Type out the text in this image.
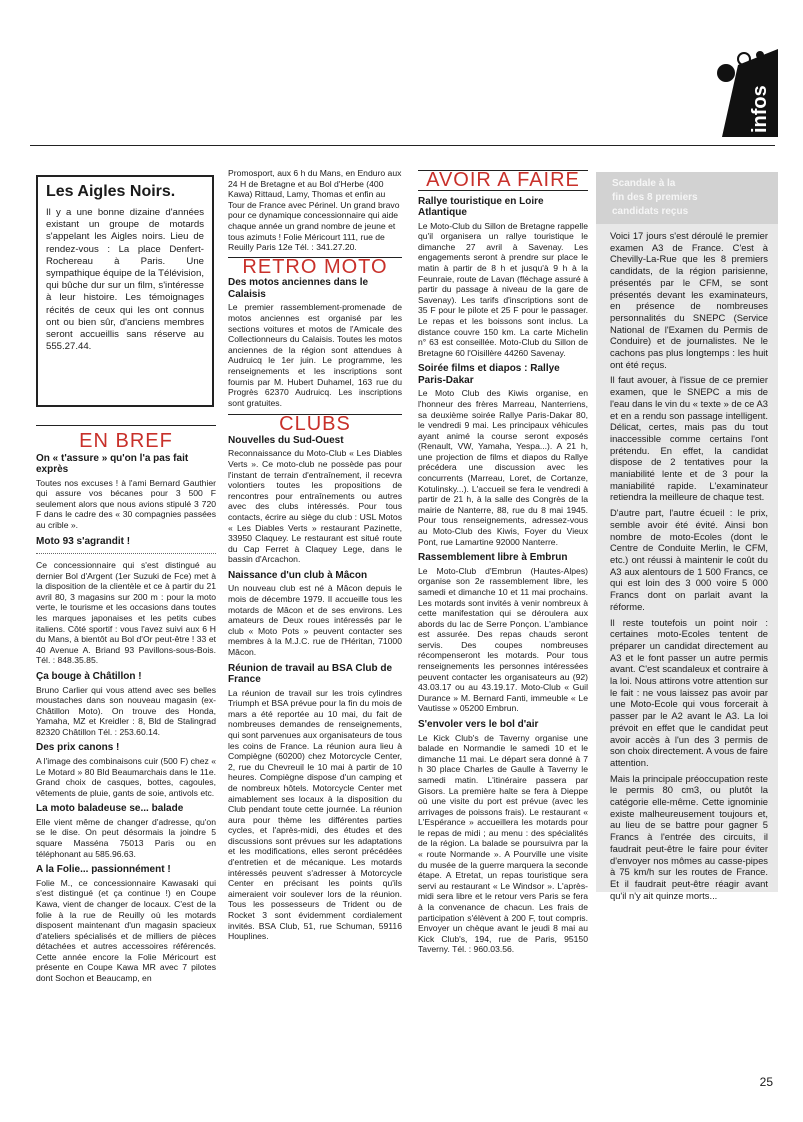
infos
Les Aigles Noirs.

Il y a une bonne dizaine d'années existant un groupe de motards s'appelant les Aigles noirs. Lieu de rendez-vous : La place Denfert-Rochereau à Paris. Une sympathique équipe de la Télévision, qui bûche dur sur un film, s'intéresse à leur histoire. Les témoignages récités de ceux qui les ont connus ont ou bien sûr, d'anciens membres seront accueillis sans réserve au 555.27.44.

EN BREF
On « t'assure » qu'on l'a pas fait exprès

Toutes nos excuses ! à l'ami Bernard Gauthier qui assure vos bécanes pour 3 500 F seulement alors que nous avions stipulé 3 720 F dans le cadre des « 30 compagnies passées au crible ».

Moto 93 s'agrandit !

Ce concessionnaire qui s'est distingué au dernier Bol d'Argent (1er Suzuki de Fce) met à la disposition de la clientèle et ce à partir du 21 avril 80, 3 magasins sur 200 m : pour la moto verte, le tourisme et les occasions dans toutes les marques japonaises et les petits cubes italiens. Côté sportif : vous l'avez suivi aux 6 H du Mans, à bientôt au Bol d'Or peut-être ! 33 et 40 Avenue A. Briand 93 Pavillons-sous-Bois. Tél. : 848.35.85.

Ça bouge à Châtillon !

Bruno Carlier qui vous attend avec ses belles moustaches dans son nouveau magasin (ex-Châtillon Moto). On trouve des Honda, Yamaha, MZ et Kreidler : 8, Bld de Stalingrad 82320 Châtillon Tél. : 253.60.14.

Des prix canons !

A l'image des combinaisons cuir (500 F) chez « Le Motard » 80 Bld Beaumarchais dans le 11e. Grand choix de casques, bottes, cagoules, vêtements de pluie, gants de soie, antivols etc.

La moto baladeuse se... balade

Elle vient même de changer d'adresse, qu'on se le dise. On peut désormais la joindre 5 square Masséna 75013 Paris ou en téléphonant au 585.96.63.

A la Folie... passionnément !

Folie M., ce concessionnaire Kawasaki qui s'est distingué (et ça continue !) en Coupe Kawa, vient de changer de locaux. C'est de la folie à la rue de Reuilly où les motards disposent maintenant d'un magasin spacieux d'ateliers spécialisés et de milliers de pièces détachées et autres accessoires référencés. Cette année encore la Folie Méricourt est présente en Coupe Kawa MR avec 7 pilotes dont Sochon et Beaucamp, en

Promosport, aux 6 h du Mans, en Enduro aux 24 H de Bretagne et au Bol d'Herbe (400 Kawa) Rittaud, Lamy, Thomas et enfin au Tour de France avec Périnel. Un grand bravo pour ce dynamique concessionnaire qui aide chaque année un grand nombre de jeune et tous azimuts ! Folie Méricourt 111, rue de Reuilly Paris 12e Tél. : 341.27.20.

RETRO MOTO
Des motos anciennes dans le Calaisis

Le premier rassemblement-promenade de motos anciennes est organisé par les sections voitures et motos de l'Amicale des Collectionneurs du Calaisis. Toutes les motos anciennes de la région sont attendues à Audruicq le 1er juin. Le programme, les renseignements et les inscriptions sont fournis par M. Hubert Duhamel, 163 rue du Progrès 62370 Audruicq. Les inscriptions sont gratuites.

CLUBS
Nouvelles du Sud-Ouest

Reconnaissance du Moto-Club « Les Diables Verts ». Ce moto-club ne possède pas pour l'instant de terrain d'entraînement, il recevra volontiers toutes les propositions de rencontres pour entraînements ou autres avec des clubs intéressés. Pour tous contacts, écrire au siège du club : USL Motos « Les Diables Verts » restaurant Pazinette, 33950 Claquey. Le restaurant est situé route du Cap Ferret à Claquey Lege, dans le bassin d'Arcachon.

Naissance d'un club à Mâcon

Un nouveau club est né à Mâcon depuis le mois de décembre 1979. Il accueille tous les motards de Mâcon et de ses environs. Les amateurs de Deux roues intéressés par le club « Moto Pots » peuvent contacter ses membres à la M.J.C. rue de l'Héritan, 71000 Mâcon.

Réunion de travail au BSA Club de France

La réunion de travail sur les trois cylindres Triumph et BSA prévue pour la fin du mois de mars a été reportée au 10 mai, du fait de nombreuses demandes de renseignements, qui sont parvenues aux organisateurs de tous les coins de France. La réunion aura lieu à Compiègne (60200) chez Motorcycle Center, 2, rue du Chevreuil le 10 mai à partir de 10 heures. Compiègne dispose d'un camping et de nombreux hôtels. Motorcycle Center met aimablement ses locaux à la disposition du Club pendant toute cette journée. La réunion aura pour thème les différentes parties cycles, et l'après-midi, des études et des discussions sont prévues sur les adaptations et les modifications, elles seront précédées d'entretien et de mécanique. Les motards intéressés peuvent s'adresser à Motorcycle Center en précisant les points qu'ils aimeraient voir soulever lors de la réunion. Tous les possesseurs de Trident ou de Rocket 3 sont évidemment cordialement invités. BSA Club, 51, rue Schuman, 59116 Houplines.

AVOIR A FAIRE
Rallye touristique en Loire Atlantique

Le Moto-Club du Sillon de Bretagne rappelle qu'il organisera un rallye touristique le dimanche 27 avril à Savenay. Les engagements seront à prendre sur place le matin à partir de 8 h et jusqu'à 9 h à la Feunraie, route de Lavan (fléchage assuré à partir du passage à niveau de la gare de Savenay). Les tarifs d'inscriptions sont de 35 F pour le pilote et 25 F pour le passager. Le repas et les boissons sont inclus. La distance couvre 150 km. La carte Michelin n° 63 est conseillée. Moto-Club du Sillon de Bretagne 60 l'Oisillère 44260 Savenay.

Soirée films et diapos : Rallye Paris-Dakar

Le Moto Club des Kiwis organise, en l'honneur des frères Marreau, Nanterriens, sa deuxième soirée Rallye Paris-Dakar 80, le vendredi 9 mai. Les principaux véhicules ayant animé la course seront exposés (Renault, VW, Yamaha, Yespa...). A 21 h, une projection de films et diapos du Rallye précédera une discussion avec les concurrents (Marreau, Loret, de Cortanze, Kotulinsky...). L'accueil se fera le vendredi à partir de 21 h, à la salle des Congrès de la mairie de Nanterre, 88, rue du 8 mai 1945. Pour tous renseignements, adressez-vous au Moto-Club des Kiwis, Foyer du Vieux Pont, rue Lamartine 92000 Nanterre.

Rassemblement libre à Embrun

Le Moto-Club d'Embrun (Hautes-Alpes) organise son 2e rassemblement libre, les samedi et dimanche 10 et 11 mai prochains. Les motards sont invités à venir nombreux à cette manifestation qui se déroulera aux abords du lac de Serre Ponçon. L'ambiance est assurée. Des repas chauds seront servis. Des coupes nombreuses récompenseront les motards. Pour tous renseignements les personnes intéressées peuvent contacter les organisateurs au (92) 43.03.17 ou au 43.19.17. Moto-Club « Guil Durance » M. Bernard Fanti, immeuble « Le Vautisse » 05200 Embrun.

S'envoler vers le bol d'air

Le Kick Club's de Taverny organise une balade en Normandie le samedi 10 et le dimanche 11 mai. Le départ sera donné à 7 h 30 place Charles de Gaulle à Taverny le samedi matin. L'itinéraire passera par Gisors. La première halte se fera à Dieppe où une visite du port est prévue (avec les arrivages de poissons frais). Le restaurant « L'Espérance » accueillera les motards pour le repas de midi ; au menu : des spécialités de la région. La balade se poursuivra par la « route Normande ». A Pourville une visite du musée de la guerre marquera la seconde étape. A Etretat, un repas touristique sera servi au restaurant « Le Windsor ». L'après-midi sera libre et le retour vers Paris se fera à la convenance de chacun. Les frais de participation s'élèvent à 200 F, tout compris. Envoyer un chèque avant le jeudi 8 mai au Kick Club's, 194, rue de Paris, 95150 Taverny. Tél. : 960.03.56.

Scandale à la
fin des 8 premiers
candidats reçus

Voici 17 jours s'est déroulé le premier examen A3 de France. C'est à Chevilly-La-Rue que les 8 premiers candidats, de la région parisienne, présentés par le CFM, se sont présentés devant les examinateurs, en présence de nombreuses personnalités du SNEPC (Service National de l'Examen du Permis de Conduire) et de journalistes. Ne le cachons pas plus longtemps : les huit ont été reçus.

Il faut avouer, à l'issue de ce premier examen, que le SNEPC a mis de l'eau dans le vin du « texte » de ce A3 et en a rendu son passage intelligent. Délicat, certes, mais pas du tout inaccessible comme certains l'ont prétendu. En effet, la candidat dispose de 2 tentatives pour la maniabilité lente et de 3 pour la maniabilité rapide. L'examinateur retiendra la meilleure de chaque test.

D'autre part, l'autre écueil : le prix, semble avoir été évité. Ainsi bon nombre de moto-Ecoles (dont le Centre de Conduite Merlin, le CFM, etc.) ont réussi à maintenir le coût du A3 aux alentours de 1 500 Francs, ce qui est loin des 3 000 voire 5 000 Francs dont on parlait avant la réforme.

Il reste toutefois un point noir : certaines moto-Ecoles tentent de préparer un candidat directement au A3 et le font passer un autre permis avant. C'est scandaleux et contraire à la loi. Nous attirons votre attention sur le fait : ne vous laissez pas avoir par une Moto-Ecole qui vous forcerait à passer par le A2 avant le A3. La loi prévoit en effet que le candidat peut avoir accès à l'un des 3 permis de son choix directement. A vous de faire attention.

Mais la principale préoccupation reste le permis 80 cm3, ou plutôt la catégorie elle-même. Cette ignominie existe malheureusement toujours et, au lieu de se battre pour gagner 5 Francs à l'entrée des circuits, il faudrait peut-être le faire pour éviter d'envoyer nos mômes au casse-pipes à 75 km/h sur les routes de France. Et il faudrait peut-être réagir avant qu'il n'y ait quinze morts...

25
